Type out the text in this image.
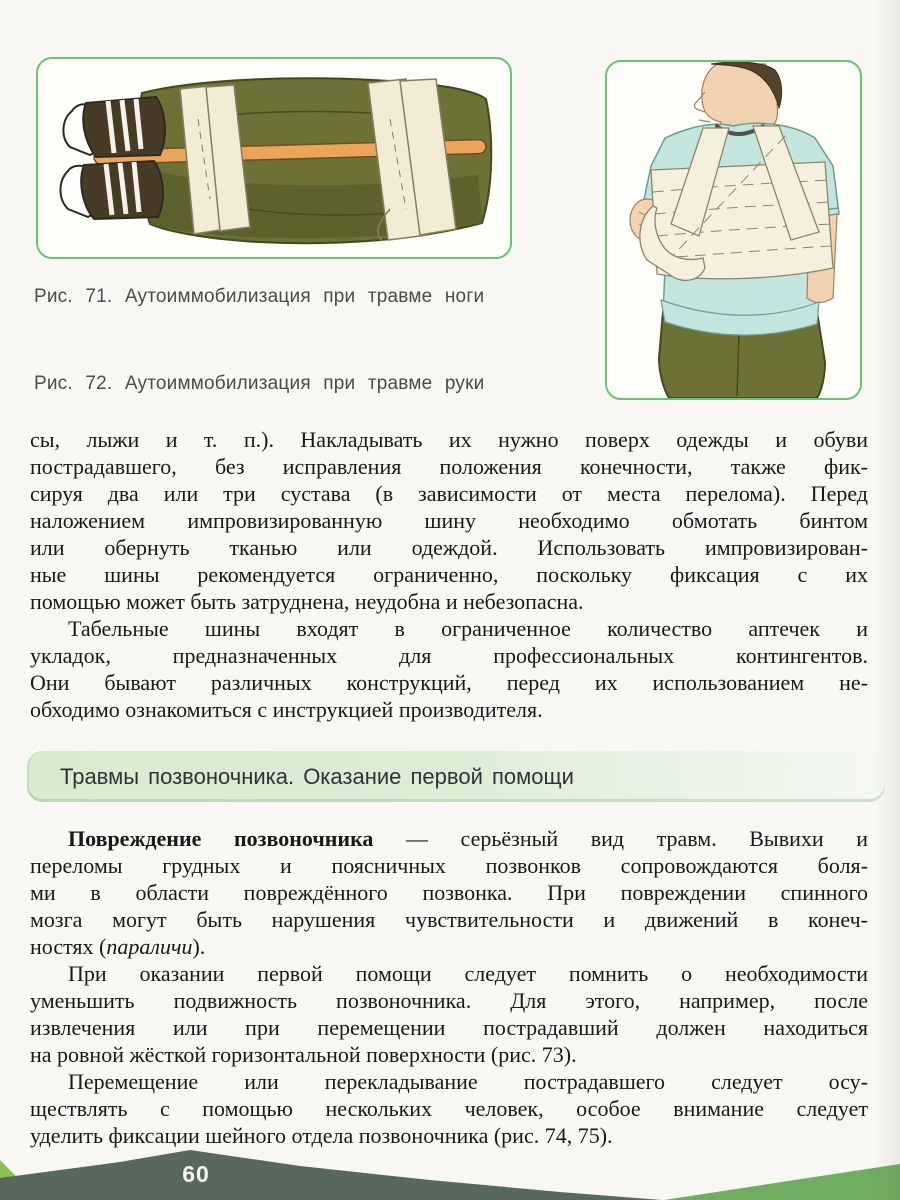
Рис. 71. Аутоиммобилизация при травме ноги
Рис. 72. Аутоиммобилизация при травме руки
сы, лыжи и т. п.). Накладывать их нужно поверх одежды и обуви
пострадавшего, без исправления положения конечности, также фик-
сируя два или три сустава (в зависимости от места перелома). Перед
наложением импровизированную шину необходимо обмотать бинтом
или обернуть тканью или одеждой. Использовать импровизирован-
ные шины рекомендуется ограниченно, поскольку фиксация с их
помощью может быть затруднена, неудобна и небезопасна.
Табельные шины входят в ограниченное количество аптечек и
укладок, предназначенных для профессиональных контингентов.
Они бывают различных конструкций, перед их использованием не-
обходимо ознакомиться с инструкцией производителя.
Травмы позвоночника. Оказание первой помощи
Повреждение позвоночника — серьёзный вид травм. Вывихи и
переломы грудных и поясничных позвонков сопровождаются боля-
ми в области повреждённого позвонка. При повреждении спинного
мозга могут быть нарушения чувствительности и движений в конеч-
ностях (параличи).
При оказании первой помощи следует помнить о необходимости
уменьшить подвижность позвоночника. Для этого, например, после
извлечения или при перемещении пострадавший должен находиться
на ровной жёсткой горизонтальной поверхности (рис. 73).
Перемещение или перекладывание пострадавшего следует осу-
ществлять с помощью нескольких человек, особое внимание следует
уделить фиксации шейного отдела позвоночника (рис. 74, 75).
60
